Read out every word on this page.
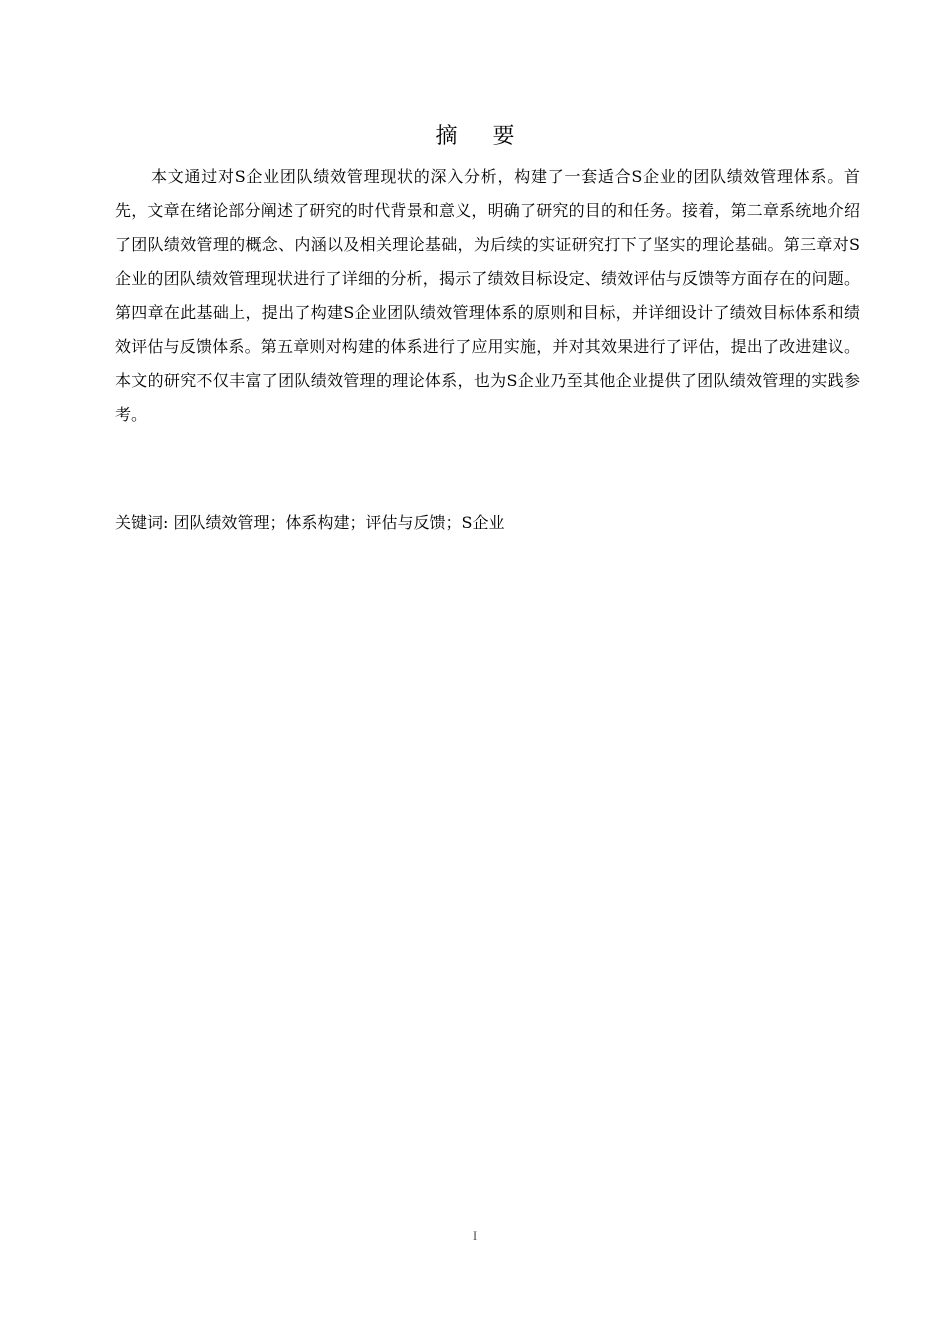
摘 要

本文通过对S企业团队绩效管理现状的深入分析，构建了一套适合S企业的团队绩效管理体系。首先，文章在绪论部分阐述了研究的时代背景和意义，明确了研究的目的和任务。接着，第二章系统地介绍了团队绩效管理的概念、内涵以及相关理论基础，为后续的实证研究打下了坚实的理论基础。第三章对S企业的团队绩效管理现状进行了详细的分析，揭示了绩效目标设定、绩效评估与反馈等方面存在的问题。第四章在此基础上，提出了构建S企业团队绩效管理体系的原则和目标，并详细设计了绩效目标体系和绩效评估与反馈体系。第五章则对构建的体系进行了应用实施，并对其效果进行了评估，提出了改进建议。本文的研究不仅丰富了团队绩效管理的理论体系，也为S企业乃至其他企业提供了团队绩效管理的实践参考。

关键词: 团队绩效管理；体系构建；评估与反馈；S企业
I
